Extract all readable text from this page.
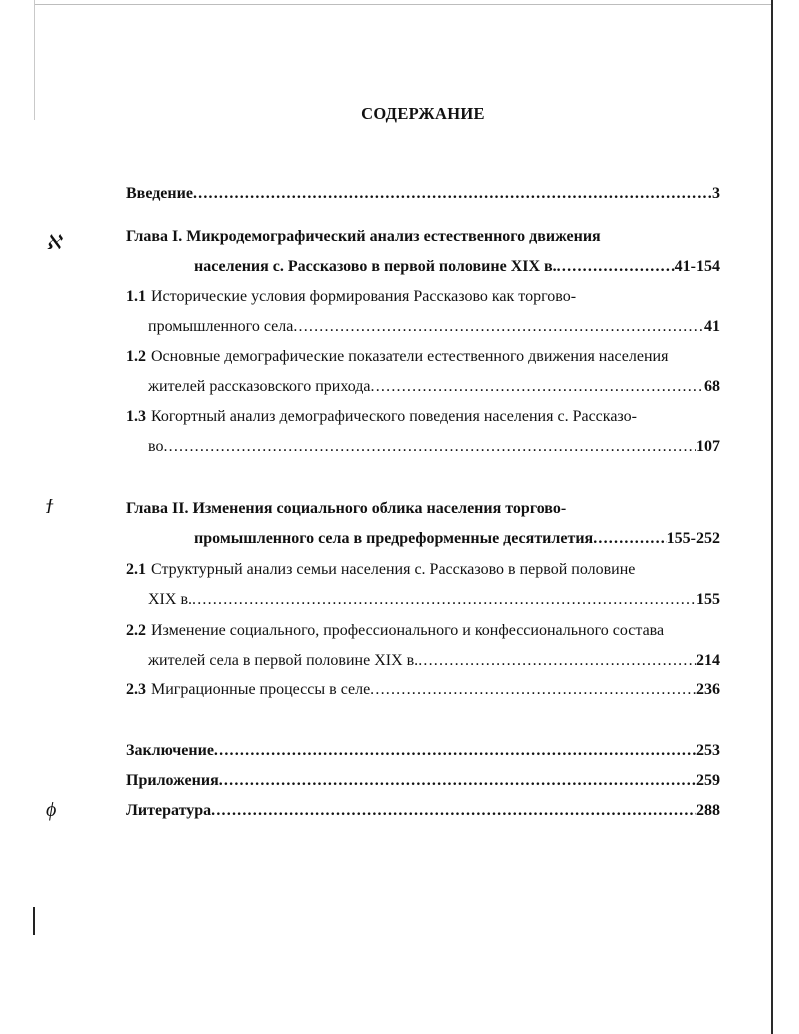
ℵ
ϯ
ϕ
СОДЕРЖАНИЕ
Введение .....	3
Глава I. Микродемографический анализ естественного движения
населения с. Рассказово в первой половине XIX в. .....	41-154
1.1 Исторические условия формирования Рассказово как торгово-
промышленного села .....	41
1.2 Основные демографические показатели естественного движения населения
жителей рассказовского прихода .....	68
1.3 Когортный анализ демографического поведения населения с. Рассказо-
во .....	107
Глава II. Изменения социального облика населения торгово-
промышленного села в предреформенные десятилетия .....	155-252
2.1 Структурный анализ семьи населения с. Рассказово в первой половине
XIX в. .....	155
2.2 Изменение социального, профессионального и конфессионального состава
жителей села в первой половине XIX в. .....	214
2.3 Миграционные процессы в селе .....	236
Заключение .....	253
Приложения .....	259
Литература .....	288
